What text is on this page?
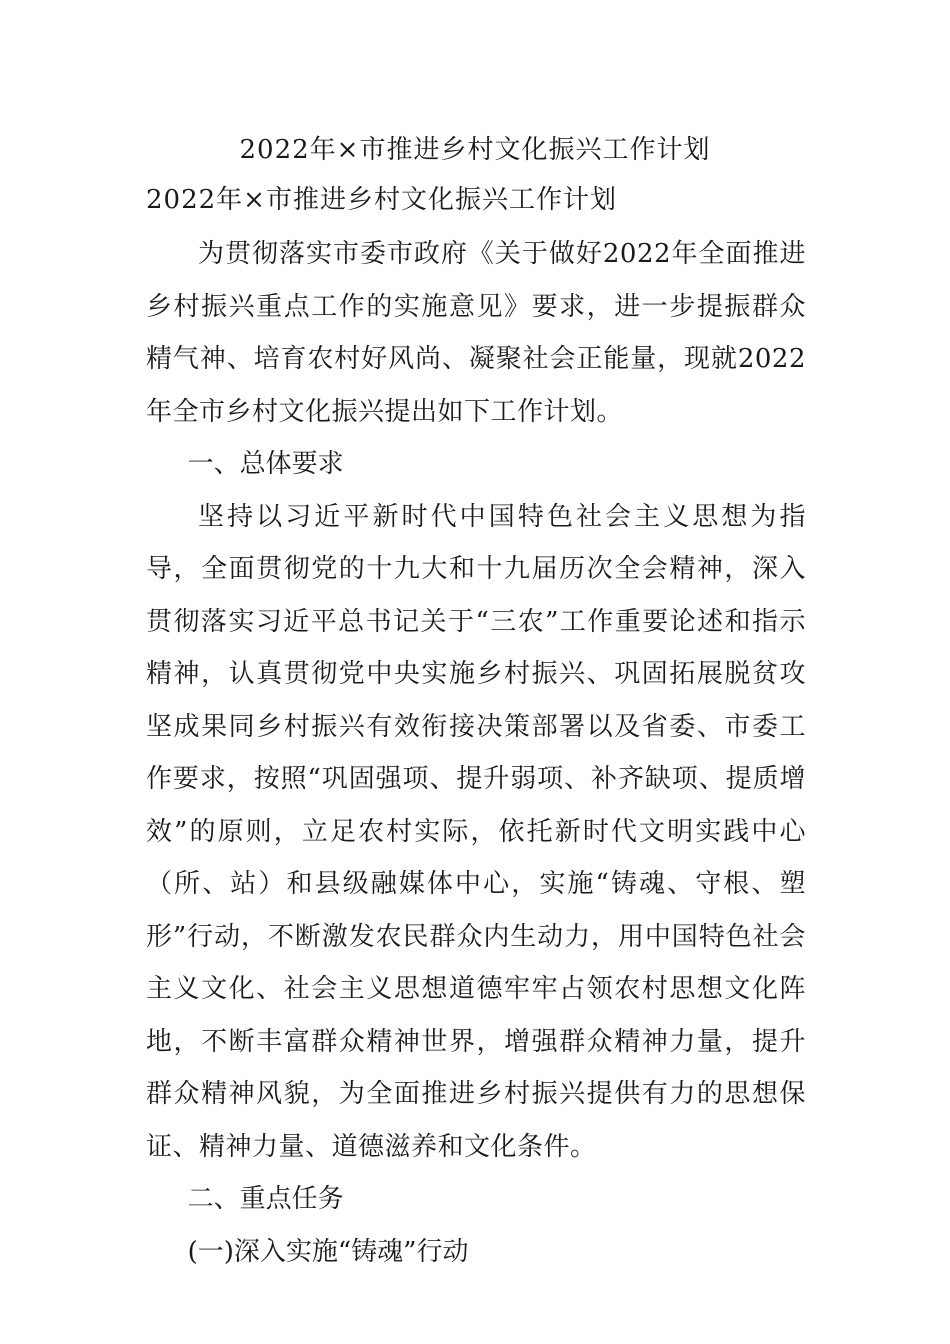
2022年×市推进乡村文化振兴工作计划
2022年×市推进乡村文化振兴工作计划

为贯彻落实市委市政府《关于做好2022年全面推进乡村振兴重点工作的实施意见》要求，进一步提振群众精气神、培育农村好风尚、凝聚社会正能量，现就2022年全市乡村文化振兴提出如下工作计划。

一、总体要求

坚持以习近平新时代中国特色社会主义思想为指导，全面贯彻党的十九大和十九届历次全会精神，深入贯彻落实习近平总书记关于“三农”工作重要论述和指示精神，认真贯彻党中央实施乡村振兴、巩固拓展脱贫攻坚成果同乡村振兴有效衔接决策部署以及省委、市委工作要求，按照“巩固强项、提升弱项、补齐缺项、提质增效”的原则，立足农村实际，依托新时代文明实践中心（所、站）和县级融媒体中心，实施“铸魂、守根、塑形”行动，不断激发农民群众内生动力，用中国特色社会主义文化、社会主义思想道德牢牢占领农村思想文化阵地，不断丰富群众精神世界，增强群众精神力量，提升群众精神风貌，为全面推进乡村振兴提供有力的思想保证、精神力量、道德滋养和文化条件。

二、重点任务

(一)深入实施“铸魂”行动
